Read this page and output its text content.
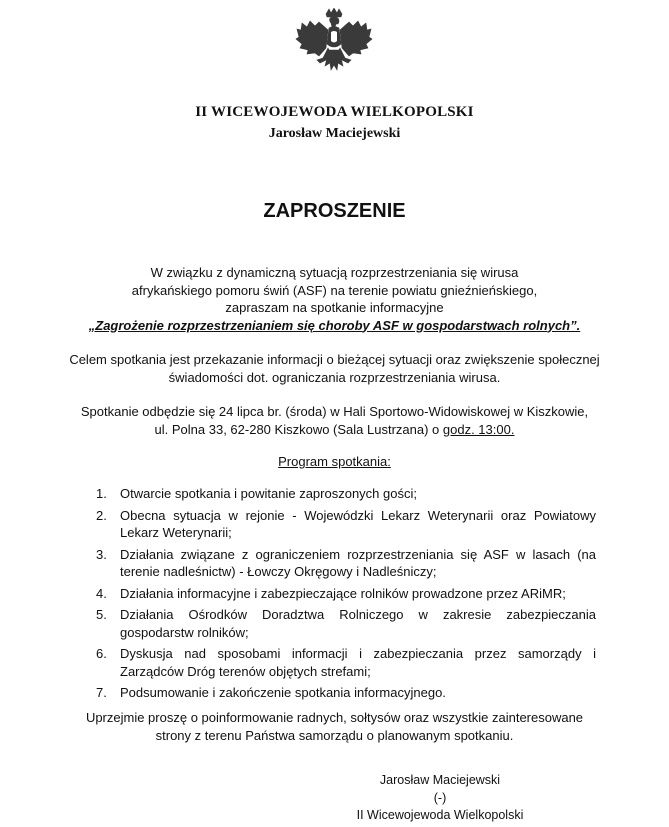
II WICEWOJEWODA WIELKOPOLSKI
Jarosław Maciejewski
ZAPROSZENIE
W związku z dynamiczną sytuacją rozprzestrzeniania się wirusa
afrykańskiego pomoru świń (ASF) na terenie powiatu gnieźnieńskiego,
zapraszam na spotkanie informacyjne
„Zagrożenie rozprzestrzenianiem się choroby ASF w gospodarstwach rolnych”.
Celem spotkania jest przekazanie informacji o bieżącej sytuacji oraz zwiększenie społecznej
świadomości dot. ograniczania rozprzestrzeniania wirusa.
Spotkanie odbędzie się 24 lipca br. (środa) w Hali Sportowo-Widowiskowej w Kiszkowie,
ul. Polna 33, 62-280 Kiszkowo (Sala Lustrzana) o godz. 13:00.
Program spotkania:
1. Otwarcie spotkania i powitanie zaproszonych gości;
2. Obecna sytuacja w rejonie - Wojewódzki Lekarz Weterynarii oraz Powiatowy Lekarz Weterynarii;
3. Działania związane z ograniczeniem rozprzestrzeniania się ASF w lasach (na terenie nadleśnictw) - Łowczy Okręgowy i Nadleśniczy;
4. Działania informacyjne i zabezpieczające rolników prowadzone przez ARiMR;
5. Działania Ośrodków Doradztwa Rolniczego w zakresie zabezpieczania gospodarstw rolników;
6. Dyskusja nad sposobami informacji i zabezpieczania przez samorządy i Zarządców Dróg terenów objętych strefami;
7. Podsumowanie i zakończenie spotkania informacyjnego.
Uprzejmie proszę o poinformowanie radnych, sołtysów oraz wszystkie zainteresowane
strony z terenu Państwa samorządu o planowanym spotkaniu.
Jarosław Maciejewski
(-)
II Wicewojewoda Wielkopolski
